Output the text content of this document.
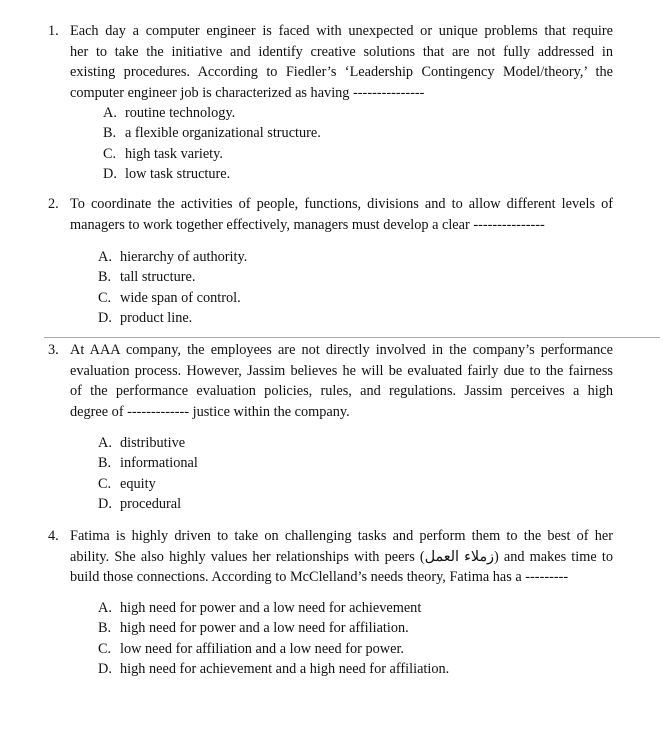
1. Each day a computer engineer is faced with unexpected or unique problems that require
her to take the initiative and identify creative solutions that are not fully addressed in
existing procedures. According to Fiedler’s ‘Leadership Contingency Model/theory,’ the
computer engineer job is characterized as having ---------------
A. routine technology.
B. a flexible organizational structure.
C. high task variety.
D. low task structure.
2. To coordinate the activities of people, functions, divisions and to allow different levels of
managers to work together effectively, managers must develop a clear ---------------
A. hierarchy of authority.
B. tall structure.
C. wide span of control.
D. product line.
3. At AAA company, the employees are not directly involved in the company’s performance
evaluation process. However, Jassim believes he will be evaluated fairly due to the fairness
of the performance evaluation policies, rules, and regulations. Jassim perceives a high
degree of ------------- justice within the company.
A. distributive
B. informational
C. equity
D. procedural
4. Fatima is highly driven to take on challenging tasks and perform them to the best of her
ability. She also highly values her relationships with peers (زملاء العمل) and makes time to
build those connections. According to McClelland’s needs theory, Fatima has a ---------
A. high need for power and a low need for achievement
B. high need for power and a low need for affiliation.
C. low need for affiliation and a low need for power.
D. high need for achievement and a high need for affiliation.
